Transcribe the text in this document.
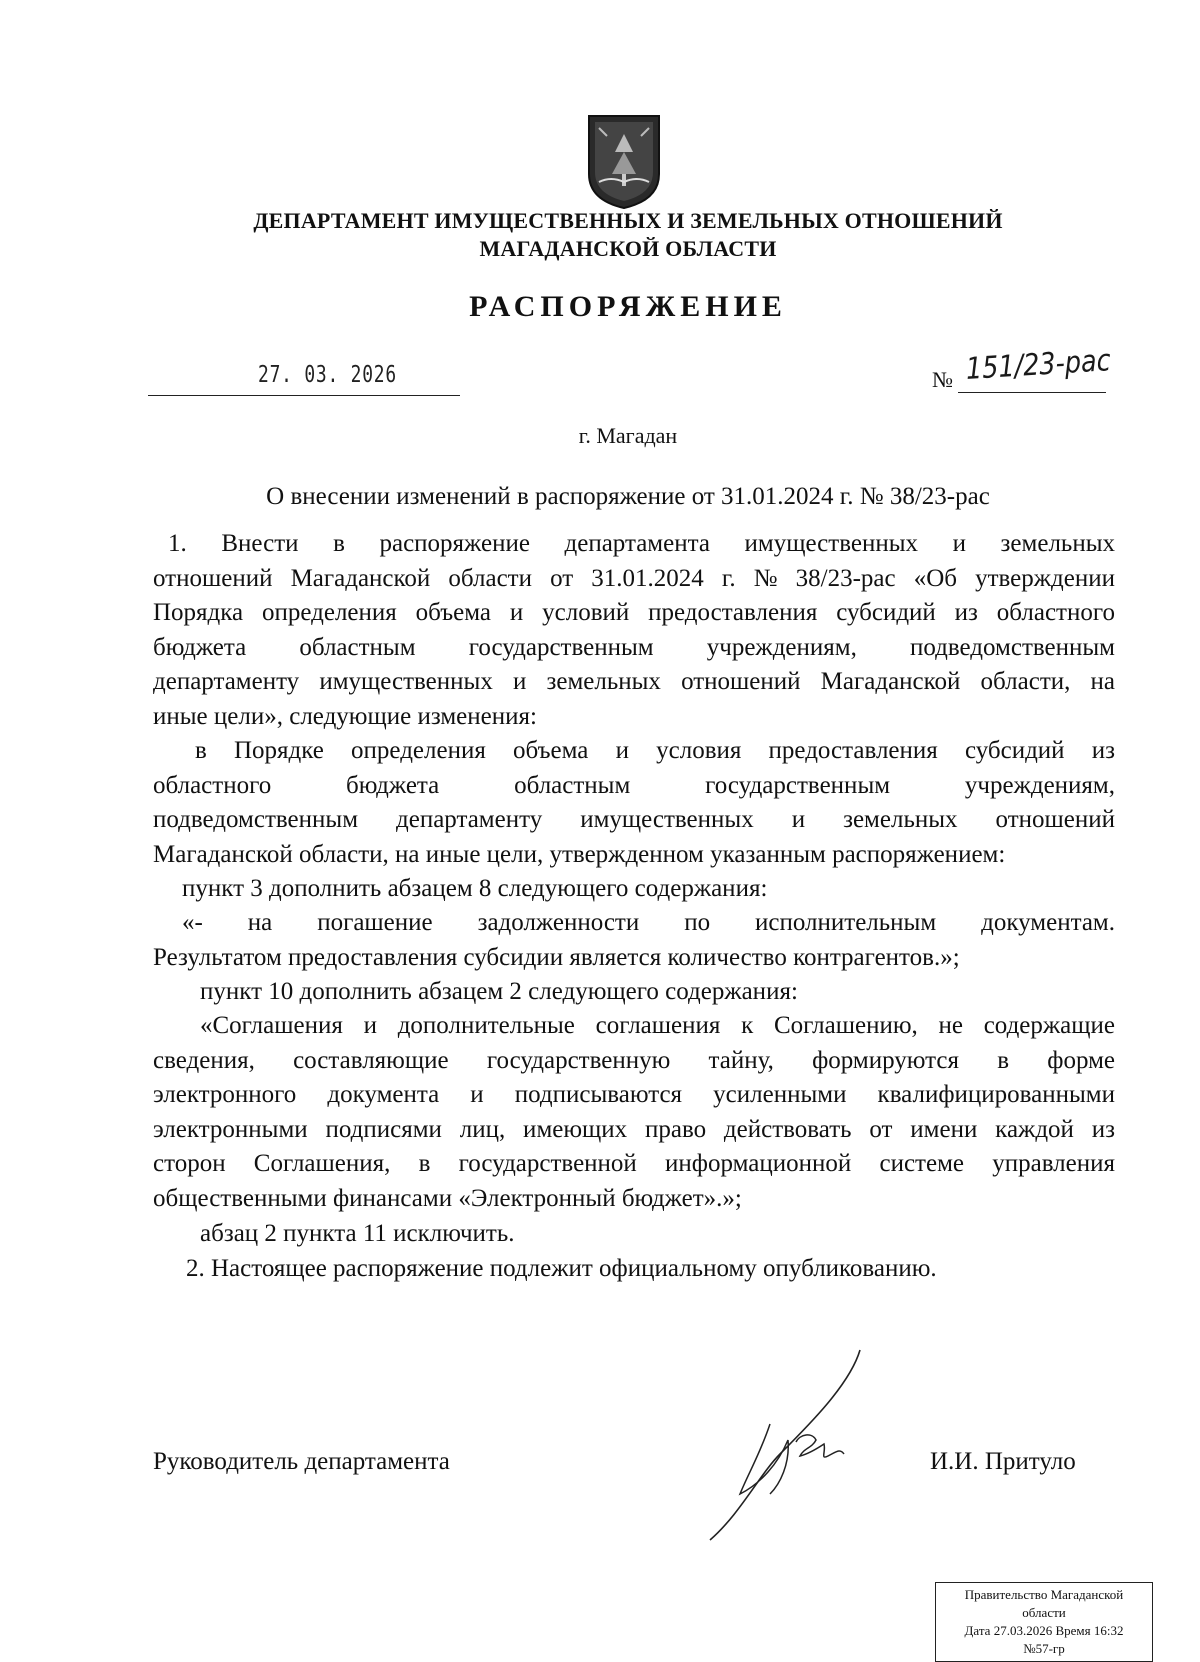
ДЕПАРТАМЕНТ ИМУЩЕСТВЕННЫХ И ЗЕМЕЛЬНЫХ ОТНОШЕНИЙ
МАГАДАНСКОЙ ОБЛАСТИ
РАСПОРЯЖЕНИЕ
27. 03. 2026	№ 151/23-рас
г. Магадан
О внесении изменений в распоряжение от 31.01.2024 г. № 38/23-рас
1. Внести в распоряжение департамента имущественных и земельных
отношений Магаданской области от 31.01.2024 г. № 38/23-рас «Об утверждении
Порядка определения объема и условий предоставления субсидий из областного
бюджета областным государственным учреждениям, подведомственным
департаменту имущественных и земельных отношений Магаданской области, на
иные цели», следующие изменения:
в Порядке определения объема и условия предоставления субсидий из
областного бюджета областным государственным учреждениям,
подведомственным департаменту имущественных и земельных отношений
Магаданской области, на иные цели, утвержденном указанным распоряжением:
пункт 3 дополнить абзацем 8 следующего содержания:
«- на погашение задолженности по исполнительным документам.
Результатом предоставления субсидии является количество контрагентов.»;
пункт 10 дополнить абзацем 2 следующего содержания:
«Соглашения и дополнительные соглашения к Соглашению, не содержащие
сведения, составляющие государственную тайну, формируются в форме
электронного документа и подписываются усиленными квалифицированными
электронными подписями лиц, имеющих право действовать от имени каждой из
сторон Соглашения, в государственной информационной системе управления
общественными финансами «Электронный бюджет».»;
абзац 2 пункта 11 исключить.
2. Настоящее распоряжение подлежит официальному опубликованию.
Руководитель департамента	И.И. Притуло
Правительство Магаданской
области
Дата 27.03.2026 Время 16:32
№57-гр
